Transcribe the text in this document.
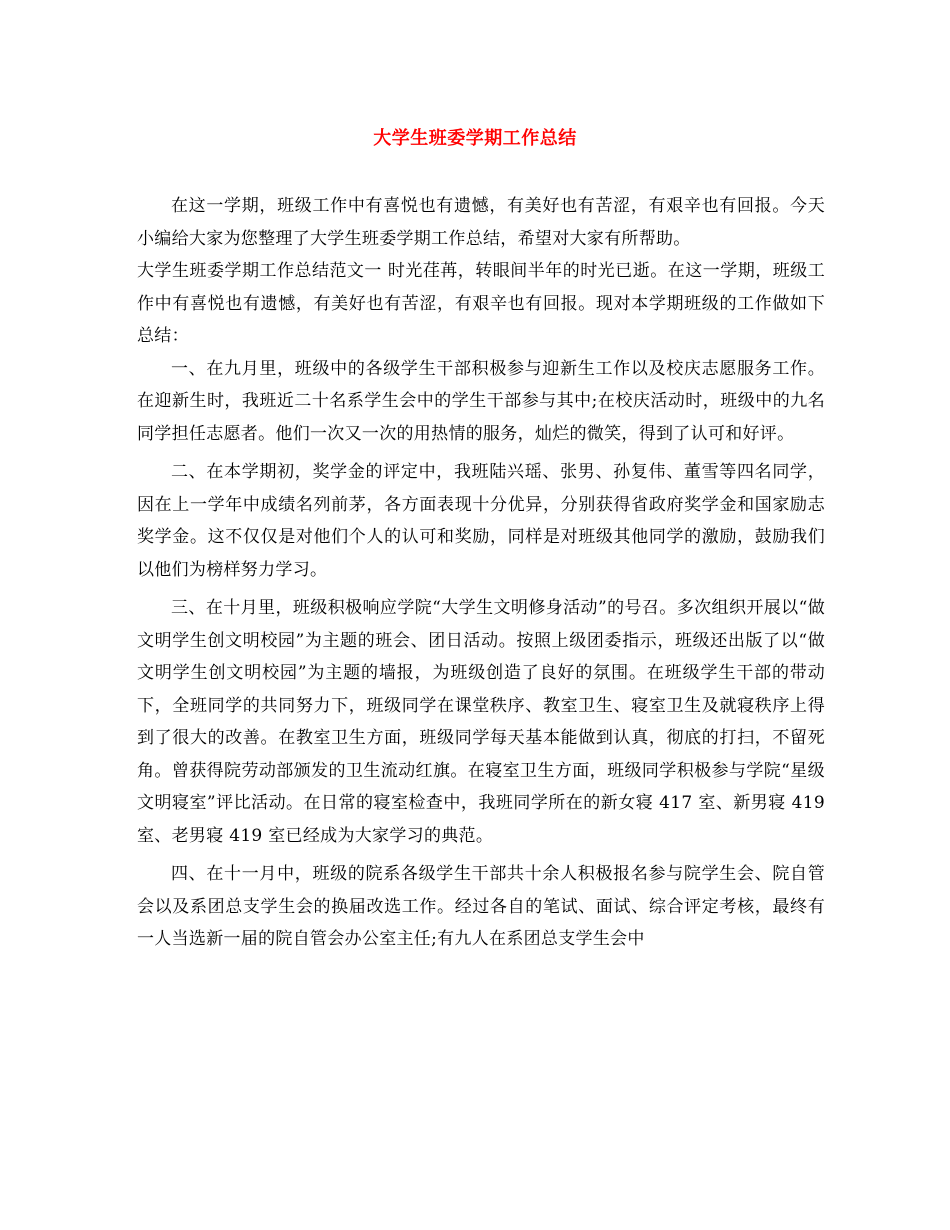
大学生班委学期工作总结

在这一学期，班级工作中有喜悦也有遗憾，有美好也有苦涩，有艰辛也有回报。今天小编给大家为您整理了大学生班委学期工作总结，希望对大家有所帮助。

大学生班委学期工作总结范文一 时光荏苒，转眼间半年的时光已逝。在这一学期，班级工作中有喜悦也有遗憾，有美好也有苦涩，有艰辛也有回报。现对本学期班级的工作做如下总结：

一、在九月里，班级中的各级学生干部积极参与迎新生工作以及校庆志愿服务工作。在迎新生时，我班近二十名系学生会中的学生干部参与其中;在校庆活动时，班级中的九名同学担任志愿者。他们一次又一次的用热情的服务，灿烂的微笑，得到了认可和好评。

二、在本学期初，奖学金的评定中，我班陆兴瑶、张男、孙复伟、董雪等四名同学，因在上一学年中成绩名列前茅，各方面表现十分优异，分别获得省政府奖学金和国家励志奖学金。这不仅仅是对他们个人的认可和奖励，同样是对班级其他同学的激励，鼓励我们以他们为榜样努力学习。

三、在十月里，班级积极响应学院“大学生文明修身活动”的号召。多次组织开展以“做文明学生创文明校园”为主题的班会、团日活动。按照上级团委指示，班级还出版了以“做文明学生创文明校园”为主题的墙报，为班级创造了良好的氛围。在班级学生干部的带动下，全班同学的共同努力下，班级同学在课堂秩序、教室卫生、寝室卫生及就寝秩序上得到了很大的改善。在教室卫生方面，班级同学每天基本能做到认真，彻底的打扫，不留死角。曾获得院劳动部颁发的卫生流动红旗。在寝室卫生方面，班级同学积极参与学院“星级文明寝室”评比活动。在日常的寝室检查中，我班同学所在的新女寝 417 室、新男寝 419 室、老男寝 419 室已经成为大家学习的典范。

四、在十一月中，班级的院系各级学生干部共十余人积极报名参与院学生会、院自管会以及系团总支学生会的换届改选工作。经过各自的笔试、面试、综合评定考核，最终有一人当选新一届的院自管会办公室主任;有九人在系团总支学生会中
